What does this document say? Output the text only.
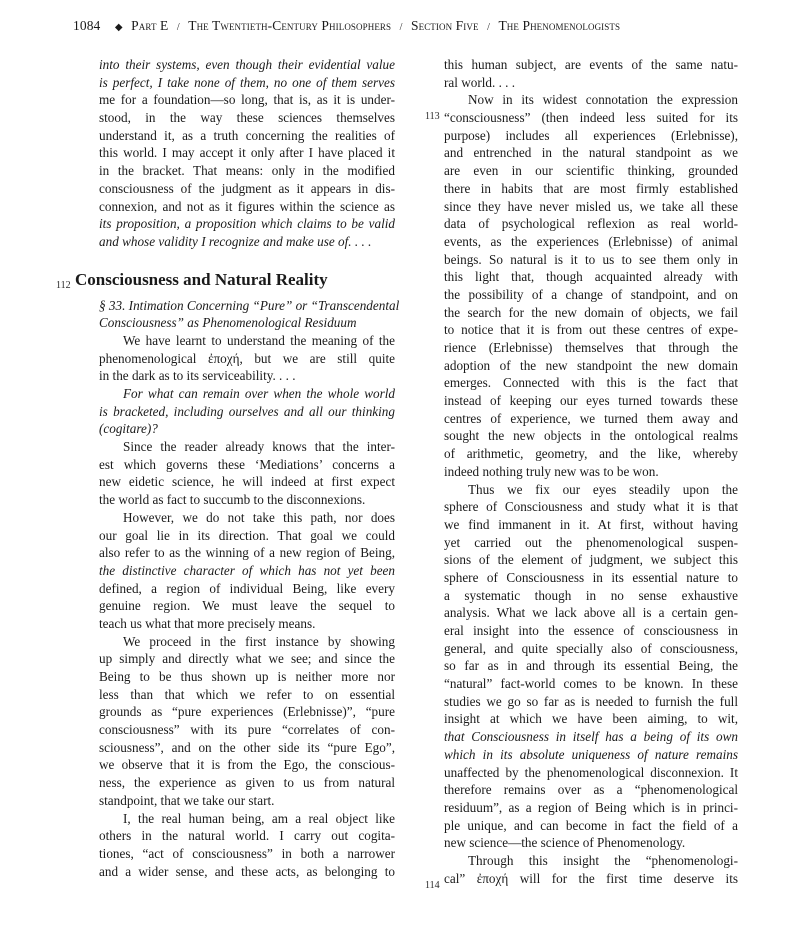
1084 ◆ Part E / The Twentieth-Century Philosophers / Section Five / The Phenomenologists
112
113
114
into their systems, even though their evidential value
is perfect, I take none of them, no one of them serves
me for a foundation—so long, that is, as it is under-
stood, in the way these sciences themselves
understand it, as a truth concerning the realities of
this world. I may accept it only after I have placed it
in the bracket. That means: only in the modified
consciousness of the judgment as it appears in dis-
connexion, and not as it figures within the science as
its proposition, a proposition which claims to be valid
and whose validity I recognize and make use of. . . .
Consciousness and Natural Reality
§ 33. Intimation Concerning “Pure” or “Transcendental
Consciousness” as Phenomenological Residuum
We have learnt to understand the meaning of the
phenomenological ἐποχή, but we are still quite
in the dark as to its serviceability. . . .
For what can remain over when the whole world
is bracketed, including ourselves and all our thinking
(cogitare)?
Since the reader already knows that the inter-
est which governs these ‘Mediations’ concerns a
new eidetic science, he will indeed at first expect
the world as fact to succumb to the disconnexions.
However, we do not take this path, nor does
our goal lie in its direction. That goal we could
also refer to as the winning of a new region of Being,
the distinctive character of which has not yet been
defined, a region of individual Being, like every
genuine region. We must leave the sequel to
teach us what that more precisely means.
We proceed in the first instance by showing
up simply and directly what we see; and since the
Being to be thus shown up is neither more nor
less than that which we refer to on essential
grounds as “pure experiences (Erlebnisse)”, “pure
consciousness” with its pure “correlates of con-
sciousness”, and on the other side its “pure Ego”,
we observe that it is from the Ego, the conscious-
ness, the experience as given to us from natural
standpoint, that we take our start.
I, the real human being, am a real object like
others in the natural world. I carry out cogita-
tiones, “act of consciousness” in both a narrower
and a wider sense, and these acts, as belonging to
this human subject, are events of the same natu-
ral world. . . .
Now in its widest connotation the expression
“consciousness” (then indeed less suited for its
purpose) includes all experiences (Erlebnisse),
and entrenched in the natural standpoint as we
are even in our scientific thinking, grounded
there in habits that are most firmly established
since they have never misled us, we take all these
data of psychological reflexion as real world-
events, as the experiences (Erlebnisse) of animal
beings. So natural is it to us to see them only in
this light that, though acquainted already with
the possibility of a change of standpoint, and on
the search for the new domain of objects, we fail
to notice that it is from out these centres of expe-
rience (Erlebnisse) themselves that through the
adoption of the new standpoint the new domain
emerges. Connected with this is the fact that
instead of keeping our eyes turned towards these
centres of experience, we turned them away and
sought the new objects in the ontological realms
of arithmetic, geometry, and the like, whereby
indeed nothing truly new was to be won.
Thus we fix our eyes steadily upon the
sphere of Consciousness and study what it is that
we find immanent in it. At first, without having
yet carried out the phenomenological suspen-
sions of the element of judgment, we subject this
sphere of Consciousness in its essential nature to
a systematic though in no sense exhaustive
analysis. What we lack above all is a certain gen-
eral insight into the essence of consciousness in
general, and quite specially also of consciousness,
so far as in and through its essential Being, the
“natural” fact-world comes to be known. In these
studies we go so far as is needed to furnish the full
insight at which we have been aiming, to wit,
that Consciousness in itself has a being of its own
which in its absolute uniqueness of nature remains
unaffected by the phenomenological disconnexion. It
therefore remains over as a “phenomenological
residuum”, as a region of Being which is in princi-
ple unique, and can become in fact the field of a
new science—the science of Phenomenology.
Through this insight the “phenomenologi-
cal” ἐποχή will for the first time deserve its
